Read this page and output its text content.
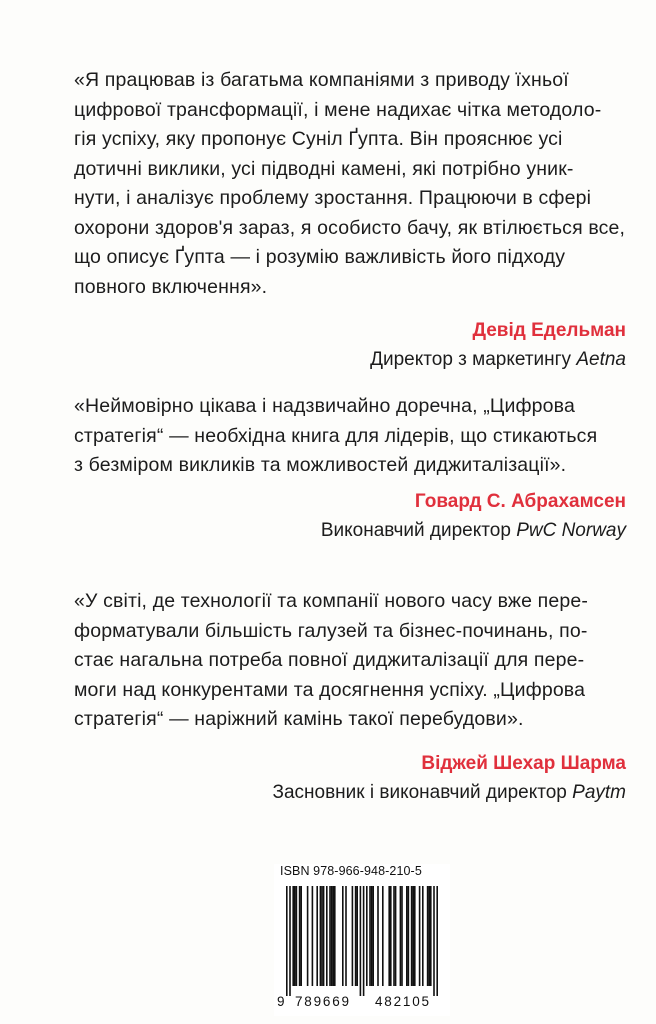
«Я працював із багатьма компаніями з приводу їхньої
цифрової трансформації, і мене надихає чітка методоло-
гія успіху, яку пропонує Суніл Ґупта. Він прояснює усі
дотичні виклики, усі підводні камені, які потрібно уник-
нути, і аналізує проблему зростання. Працюючи в сфері
охорони здоров'я зараз, я особисто бачу, як втілюється все,
що описує Ґупта — і розумію важливість його підходу
повного включення».

Девід Едельман

Директор з маркетингу Aetna

«Неймовірно цікава і надзвичайно доречна, „Цифрова
стратегія“ — необхідна книга для лідерів, що стикаються
з безміром викликів та можливостей диджиталізації».

Говард С. Абрахамсен

Виконавчий директор PwC Norway

«У світі, де технології та компанії нового часу вже пере-
форматували більшість галузей та бізнес-починань, по-
стає нагальна потреба повної диджиталізації для пере-
моги над конкурентами та досягнення успіху. „Цифрова
стратегія“ — наріжний камінь такої перебудови».

Віджей Шехар Шарма

Засновник і виконавчий директор Paytm

ISBN 978-966-948-210-5
9 789669 482105
